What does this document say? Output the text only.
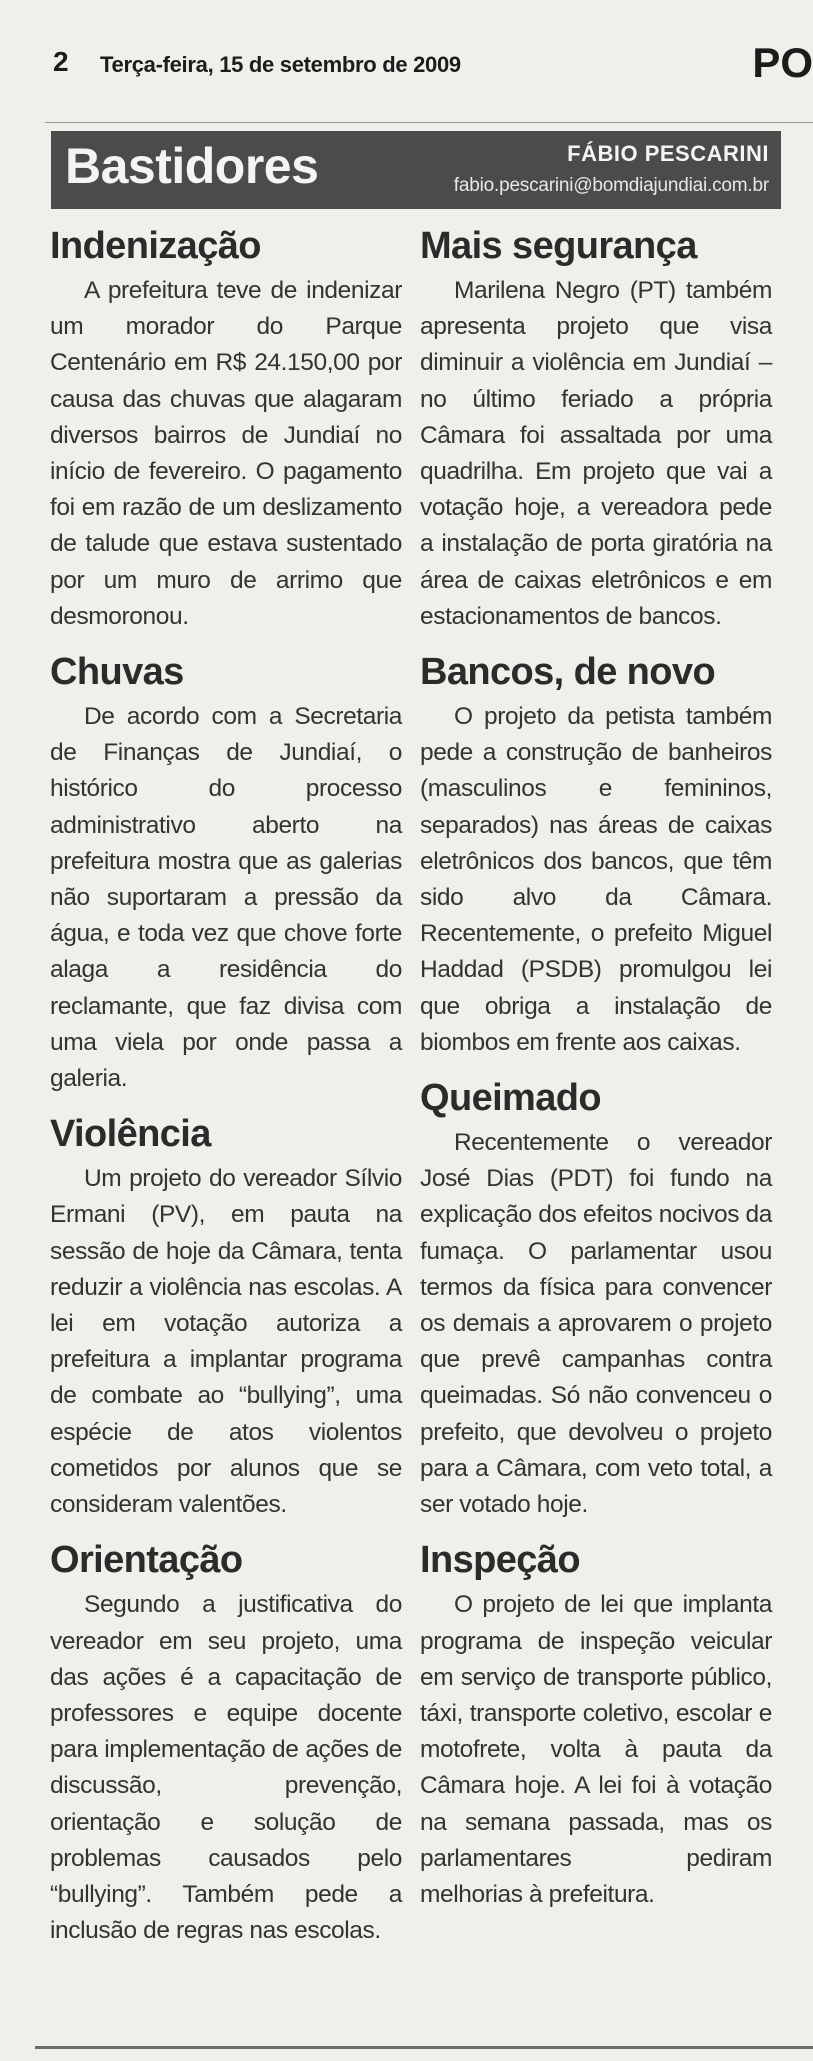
2 Terça-feira, 15 de setembro de 2009	PO
Bastidores	FÁBIO PESCARINI
fabio.pescarini@bomdiajundiai.com.br
Indenização

A prefeitura teve de indenizar um morador do Parque Centenário em R$ 24.150,00 por causa das chuvas que alagaram diversos bairros de Jundiaí no início de fevereiro. O pagamento foi em razão de um deslizamento de talude que estava sustentado por um muro de arrimo que desmoronou.

Chuvas

De acordo com a Secretaria de Finanças de Jundiaí, o histórico do processo administrativo aberto na prefeitura mostra que as galerias não suportaram a pressão da água, e toda vez que chove forte alaga a residência do reclamante, que faz divisa com uma viela por onde passa a galeria.

Violência

Um projeto do vereador Sílvio Ermani (PV), em pauta na sessão de hoje da Câmara, tenta reduzir a violência nas escolas. A lei em votação autoriza a prefeitura a implantar programa de combate ao “bullying”, uma espécie de atos violentos cometidos por alunos que se consideram valentões.

Orientação

Segundo a justificativa do vereador em seu projeto, uma das ações é a capacitação de professores e equipe docente para implementação de ações de discussão, prevenção, orientação e solução de problemas causados pelo “bullying”. Também pede a inclusão de regras nas escolas.

Mais segurança

Marilena Negro (PT) também apresenta projeto que visa diminuir a violência em Jundiaí – no último feriado a própria Câmara foi assaltada por uma quadrilha. Em projeto que vai a votação hoje, a vereadora pede a instalação de porta giratória na área de caixas eletrônicos e em estacionamentos de bancos.

Bancos, de novo

O projeto da petista também pede a construção de banheiros (masculinos e femininos, separados) nas áreas de caixas eletrônicos dos bancos, que têm sido alvo da Câmara. Recentemente, o prefeito Miguel Haddad (PSDB) promulgou lei que obriga a instalação de biombos em frente aos caixas.

Queimado

Recentemente o vereador José Dias (PDT) foi fundo na explicação dos efeitos nocivos da fumaça. O parlamentar usou termos da física para convencer os demais a aprovarem o projeto que prevê campanhas contra queimadas. Só não convenceu o prefeito, que devolveu o projeto para a Câmara, com veto total, a ser votado hoje.

Inspeção

O projeto de lei que implanta programa de inspeção veicular em serviço de transporte público, táxi, transporte coletivo, escolar e motofrete, volta à pauta da Câmara hoje. A lei foi à votação na semana passada, mas os parlamentares pediram melhorias à prefeitura.
